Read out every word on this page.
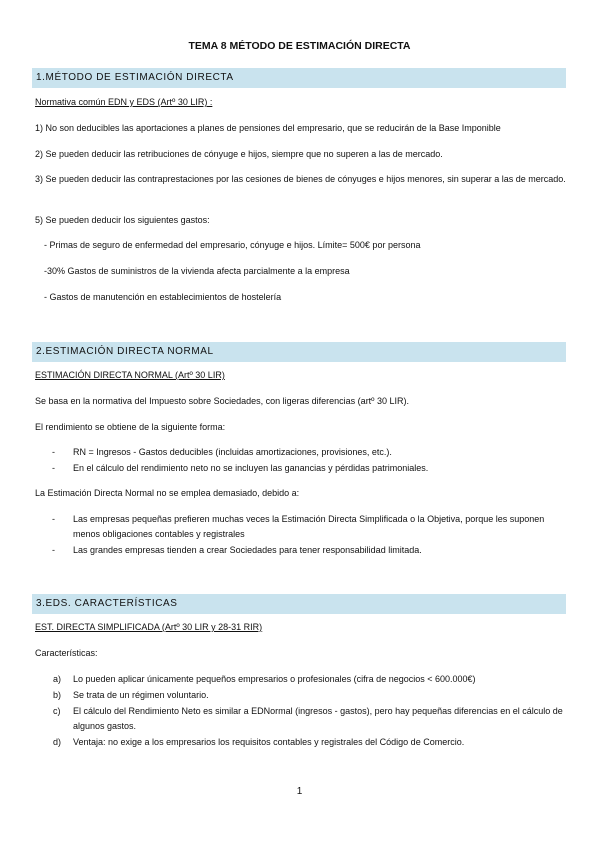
TEMA 8 MÉTODO DE ESTIMACIÓN DIRECTA
1.MÉTODO DE ESTIMACIÓN DIRECTA
Normativa común EDN y EDS (Artº 30 LIR) :
1) No son deducibles las aportaciones a planes de pensiones del empresario, que se reducirán de la Base Imponible
2) Se pueden deducir las retribuciones de cónyuge e hijos, siempre que no superen a las de mercado.
3) Se pueden deducir las contraprestaciones por las cesiones de bienes de cónyuges e hijos menores, sin superar a las de mercado.
5) Se pueden deducir los siguientes gastos:
- Primas de seguro de enfermedad del empresario, cónyuge e hijos. Límite= 500€ por persona
-30% Gastos de suministros de la vivienda afecta parcialmente a la empresa
- Gastos de manutención en establecimientos de hostelería
2.ESTIMACIÓN DIRECTA NORMAL
ESTIMACIÓN DIRECTA NORMAL (Artº 30 LIR)
Se basa en la normativa del Impuesto sobre Sociedades, con ligeras diferencias (artº 30 LIR).
El rendimiento se obtiene de la siguiente forma:
- RN = Ingresos - Gastos deducibles (incluidas amortizaciones, provisiones, etc.).
- En el cálculo del rendimiento neto no se incluyen las ganancias y pérdidas patrimoniales.
La Estimación Directa Normal no se emplea demasiado, debido a:
- Las empresas pequeñas prefieren muchas veces la Estimación Directa Simplificada o la Objetiva, porque les suponen menos obligaciones contables y registrales
- Las grandes empresas tienden a crear Sociedades para tener responsabilidad limitada.
3.EDS. CARACTERÍSTICAS
EST. DIRECTA SIMPLIFICADA (Artº 30 LIR y 28-31 RIR)
Características:
a) Lo pueden aplicar únicamente pequeños empresarios o profesionales (cifra de negocios < 600.000€)
b) Se trata de un régimen voluntario.
c) El cálculo del Rendimiento Neto es similar a EDNormal (ingresos - gastos), pero hay pequeñas diferencias en el cálculo de algunos gastos.
d) Ventaja: no exige a los empresarios los requisitos contables y registrales del Código de Comercio.
1
